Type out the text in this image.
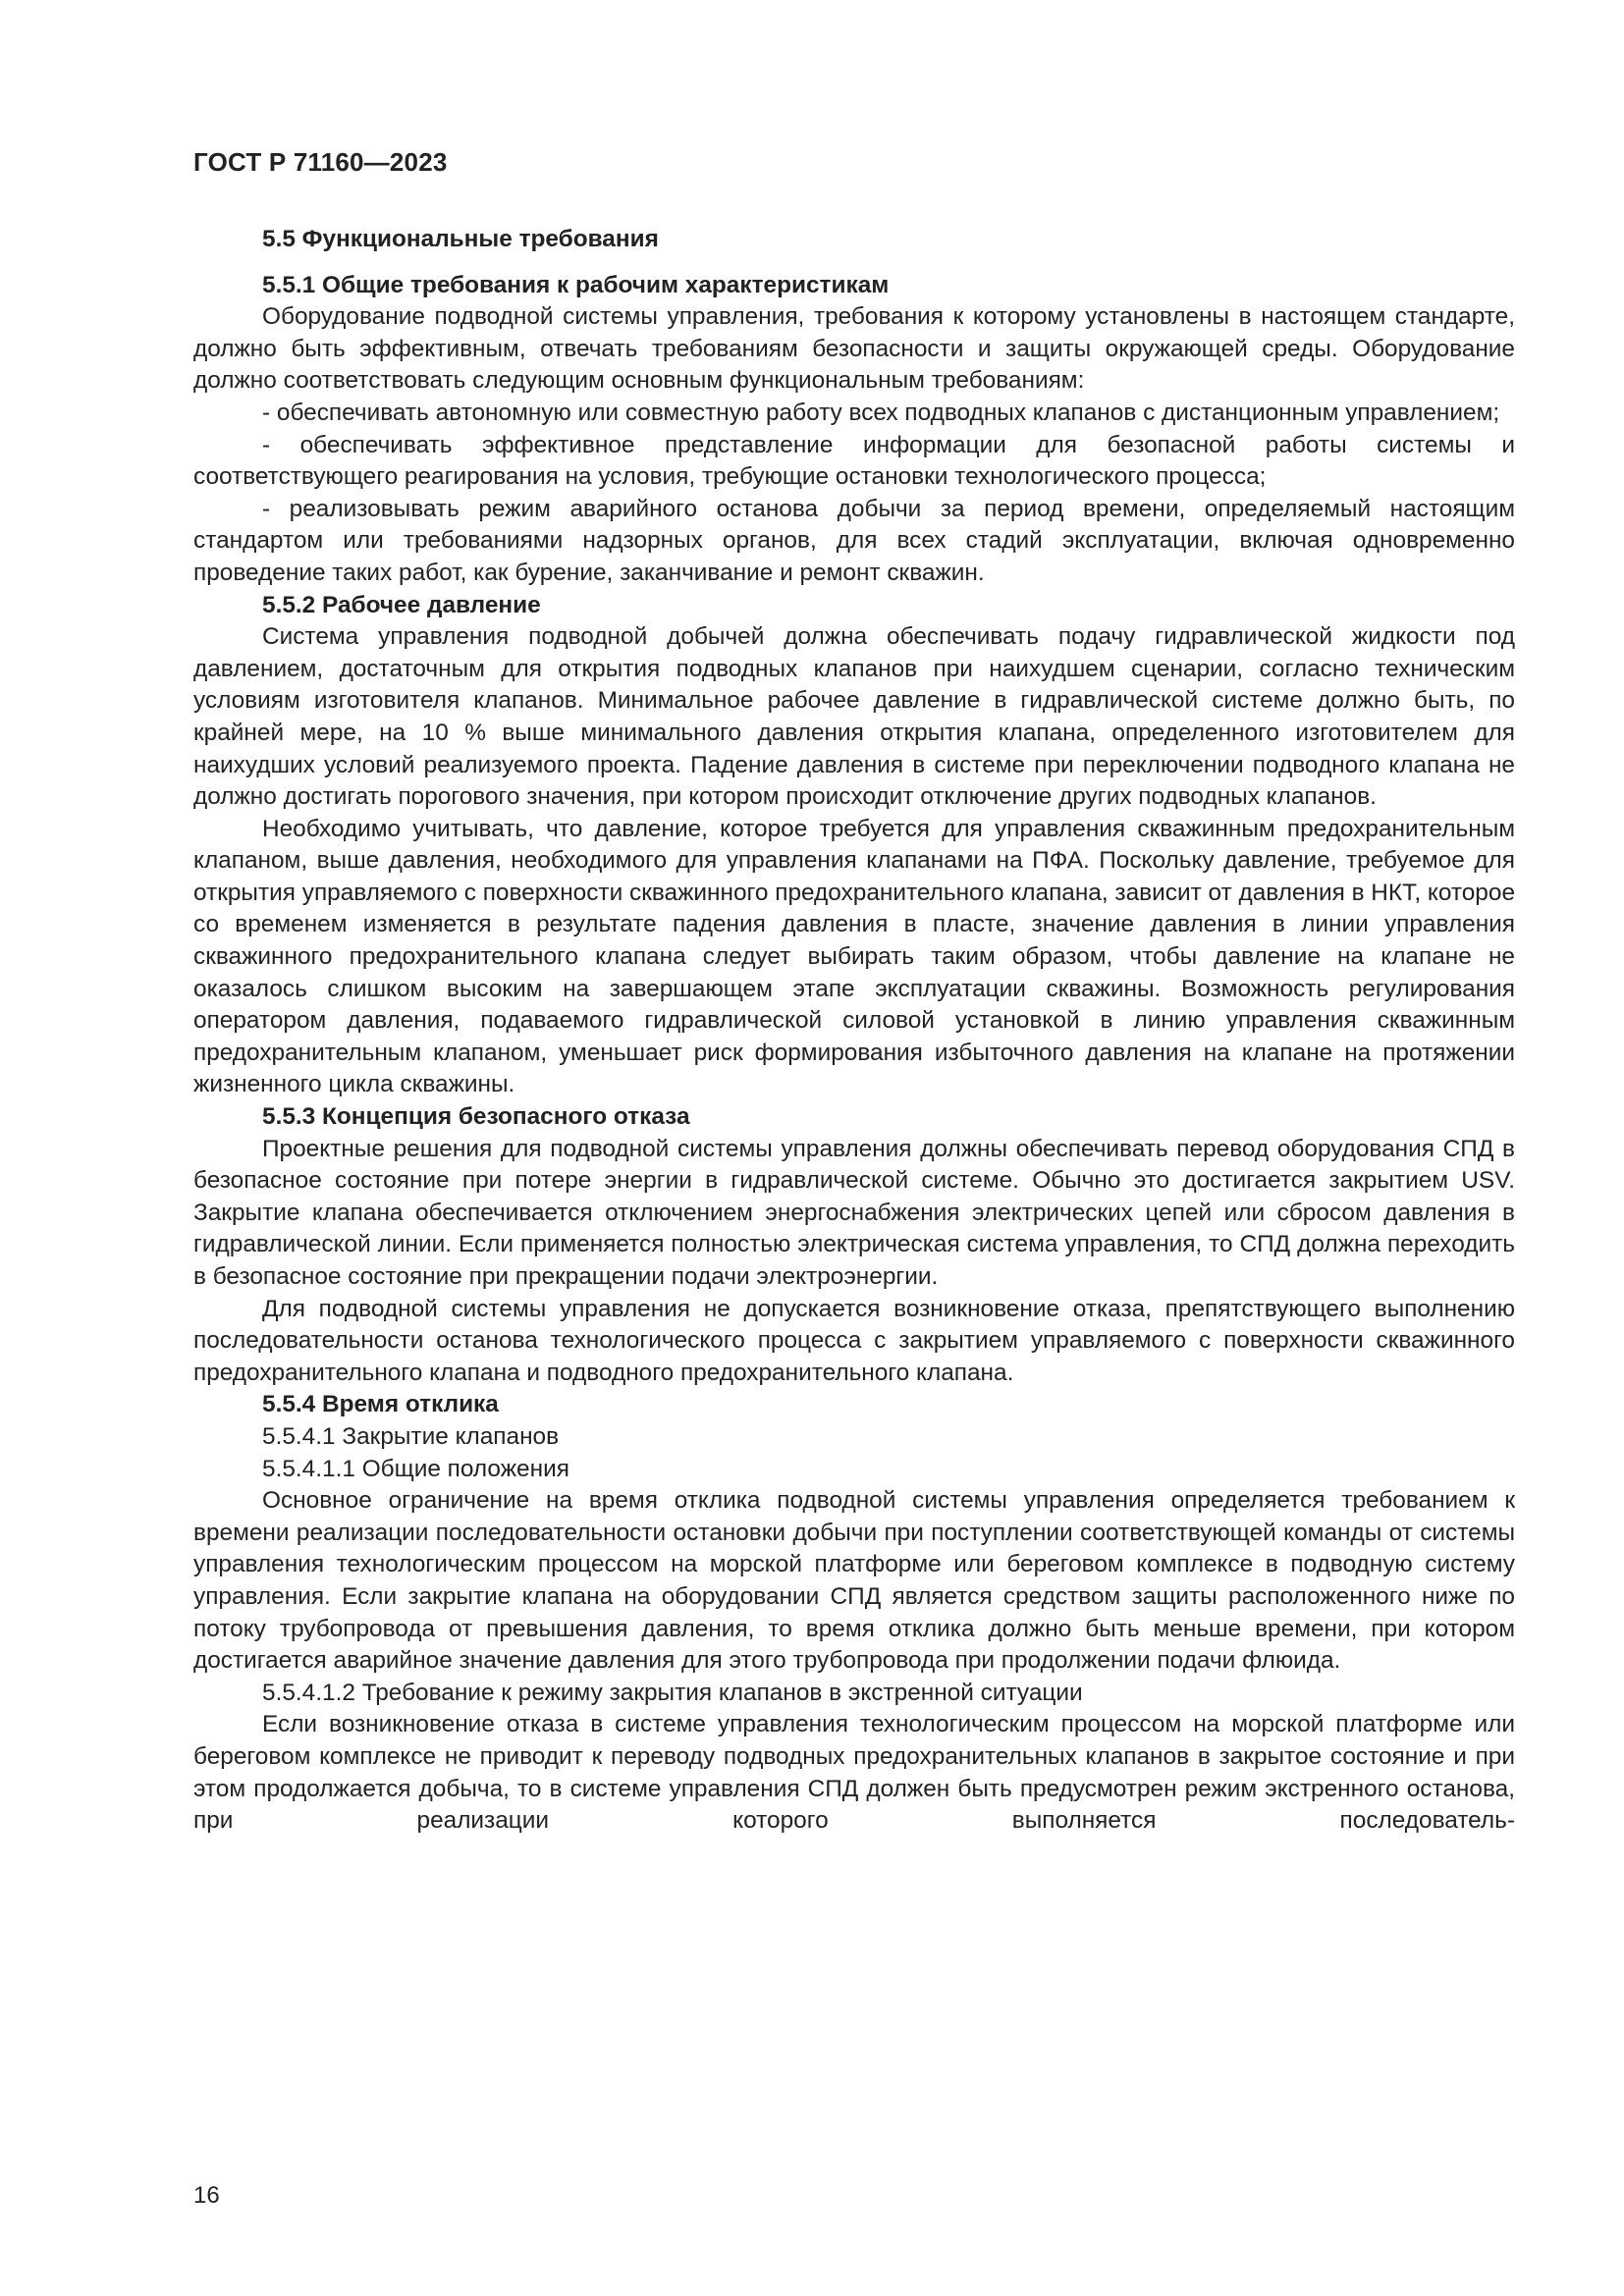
ГОСТ Р 71160—2023

5.5 Функциональные требования

5.5.1 Общие требования к рабочим характеристикам

Оборудование подводной системы управления, требования к которому установлены в настоящем стандарте, должно быть эффективным, отвечать требованиям безопасности и защиты окружающей среды. Оборудование должно соответствовать следующим основным функциональным требованиям:

- обеспечивать автономную или совместную работу всех подводных клапанов с дистанционным управлением;

- обеспечивать эффективное представление информации для безопасной работы системы и соответствующего реагирования на условия, требующие остановки технологического процесса;

- реализовывать режим аварийного останова добычи за период времени, определяемый настоящим стандартом или требованиями надзорных органов, для всех стадий эксплуатации, включая одновременно проведение таких работ, как бурение, заканчивание и ремонт скважин.

5.5.2 Рабочее давление

Система управления подводной добычей должна обеспечивать подачу гидравлической жидкости под давлением, достаточным для открытия подводных клапанов при наихудшем сценарии, согласно техническим условиям изготовителя клапанов. Минимальное рабочее давление в гидравлической системе должно быть, по крайней мере, на 10 % выше минимального давления открытия клапана, определенного изготовителем для наихудших условий реализуемого проекта. Падение давления в системе при переключении подводного клапана не должно достигать порогового значения, при котором происходит отключение других подводных клапанов.

Необходимо учитывать, что давление, которое требуется для управления скважинным предохранительным клапаном, выше давления, необходимого для управления клапанами на ПФА. Поскольку давление, требуемое для открытия управляемого с поверхности скважинного предохранительного клапана, зависит от давления в НКТ, которое со временем изменяется в результате падения давления в пласте, значение давления в линии управления скважинного предохранительного клапана следует выбирать таким образом, чтобы давление на клапане не оказалось слишком высоким на завершающем этапе эксплуатации скважины. Возможность регулирования оператором давления, подаваемого гидравлической силовой установкой в линию управления скважинным предохранительным клапаном, уменьшает риск формирования избыточного давления на клапане на протяжении жизненного цикла скважины.

5.5.3 Концепция безопасного отказа

Проектные решения для подводной системы управления должны обеспечивать перевод оборудования СПД в безопасное состояние при потере энергии в гидравлической системе. Обычно это достигается закрытием USV. Закрытие клапана обеспечивается отключением энергоснабжения электрических цепей или сбросом давления в гидравлической линии. Если применяется полностью электрическая система управления, то СПД должна переходить в безопасное состояние при прекращении подачи электроэнергии.

Для подводной системы управления не допускается возникновение отказа, препятствующего выполнению последовательности останова технологического процесса с закрытием управляемого с поверхности скважинного предохранительного клапана и подводного предохранительного клапана.

5.5.4 Время отклика

5.5.4.1 Закрытие клапанов

5.5.4.1.1 Общие положения

Основное ограничение на время отклика подводной системы управления определяется требованием к времени реализации последовательности остановки добычи при поступлении соответствующей команды от системы управления технологическим процессом на морской платформе или береговом комплексе в подводную систему управления. Если закрытие клапана на оборудовании СПД является средством защиты расположенного ниже по потоку трубопровода от превышения давления, то время отклика должно быть меньше времени, при котором достигается аварийное значение давления для этого трубопровода при продолжении подачи флюида.

5.5.4.1.2 Требование к режиму закрытия клапанов в экстренной ситуации

Если возникновение отказа в системе управления технологическим процессом на морской платформе или береговом комплексе не приводит к переводу подводных предохранительных клапанов в закрытое состояние и при этом продолжается добыча, то в системе управления СПД должен быть предусмотрен режим экстренного останова, при реализации которого выполняется последователь-

16
